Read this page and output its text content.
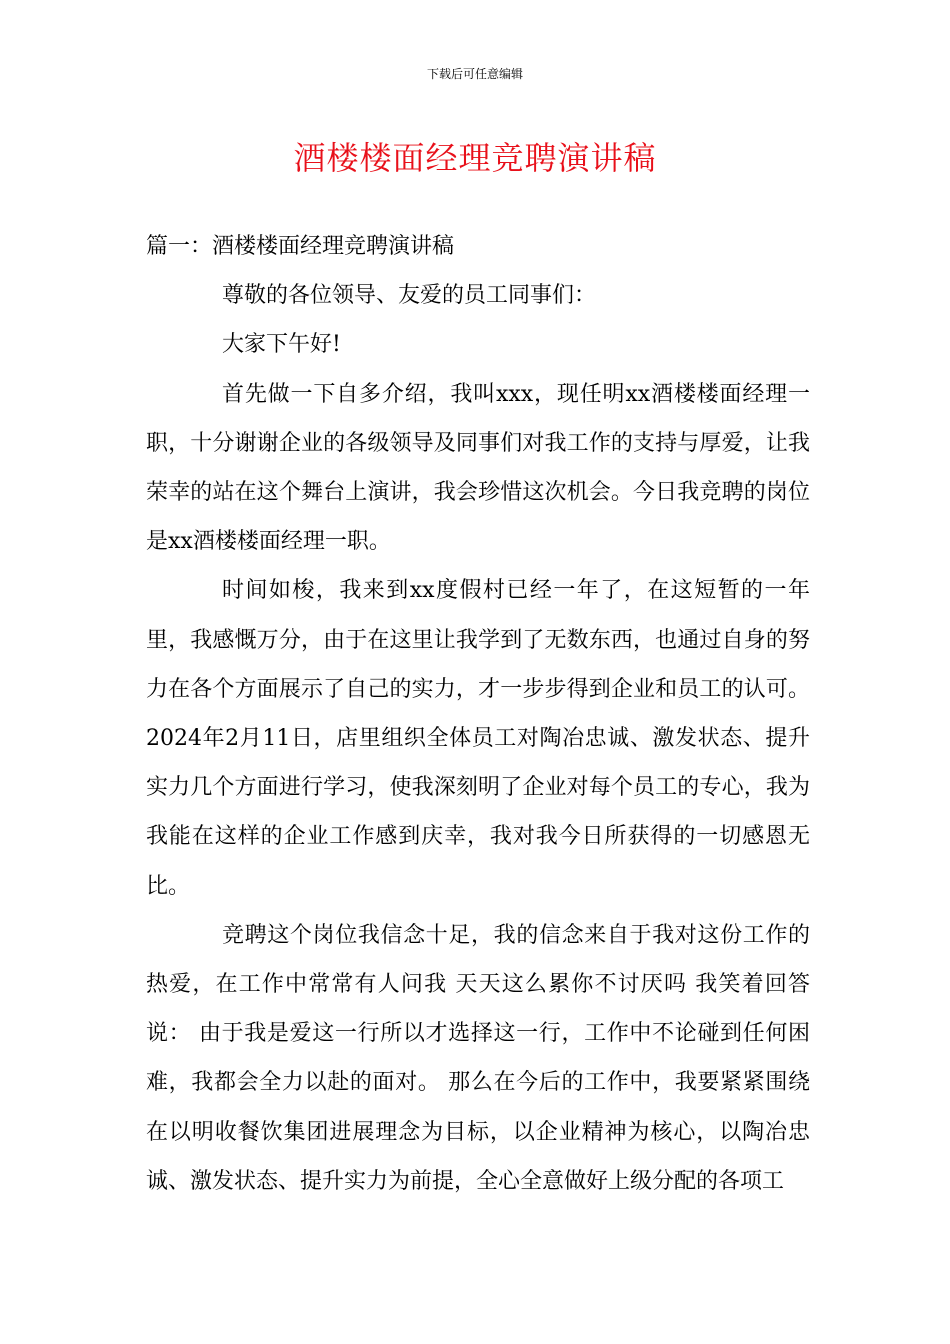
下载后可任意编辑
酒楼楼面经理竞聘演讲稿

篇一：酒楼楼面经理竞聘演讲稿

尊敬的各位领导、友爱的员工同事们：

大家下午好!

首先做一下自多介绍，我叫xxx，现任明xx酒楼楼面经理一职，十分谢谢企业的各级领导及同事们对我工作的支持与厚爱，让我荣幸的站在这个舞台上演讲，我会珍惜这次机会。今日我竞聘的岗位是xx酒楼楼面经理一职。

时间如梭，我来到xx度假村已经一年了，在这短暂的一年里，我感慨万分，由于在这里让我学到了无数东西，也通过自身的努力在各个方面展示了自己的实力，才一步步得到企业和员工的认可。2024年2月11日，店里组织全体员工对陶冶忠诚、激发状态、提升实力几个方面进行学习，使我深刻明了企业对每个员工的专心，我为我能在这样的企业工作感到庆幸，我对我今日所获得的一切感恩无比。

竞聘这个岗位我信念十足，我的信念来自于我对这份工作的热爱，在工作中常常有人问我 天天这么累你不讨厌吗 我笑着回答说： 由于我是爱这一行所以才选择这一行，工作中不论碰到任何困难，我都会全力以赴的面对。 那么在今后的工作中，我要紧紧围绕在以明收餐饮集团进展理念为目标，以企业精神为核心，以陶冶忠诚、激发状态、提升实力为前提，全心全意做好上级分配的各项工
